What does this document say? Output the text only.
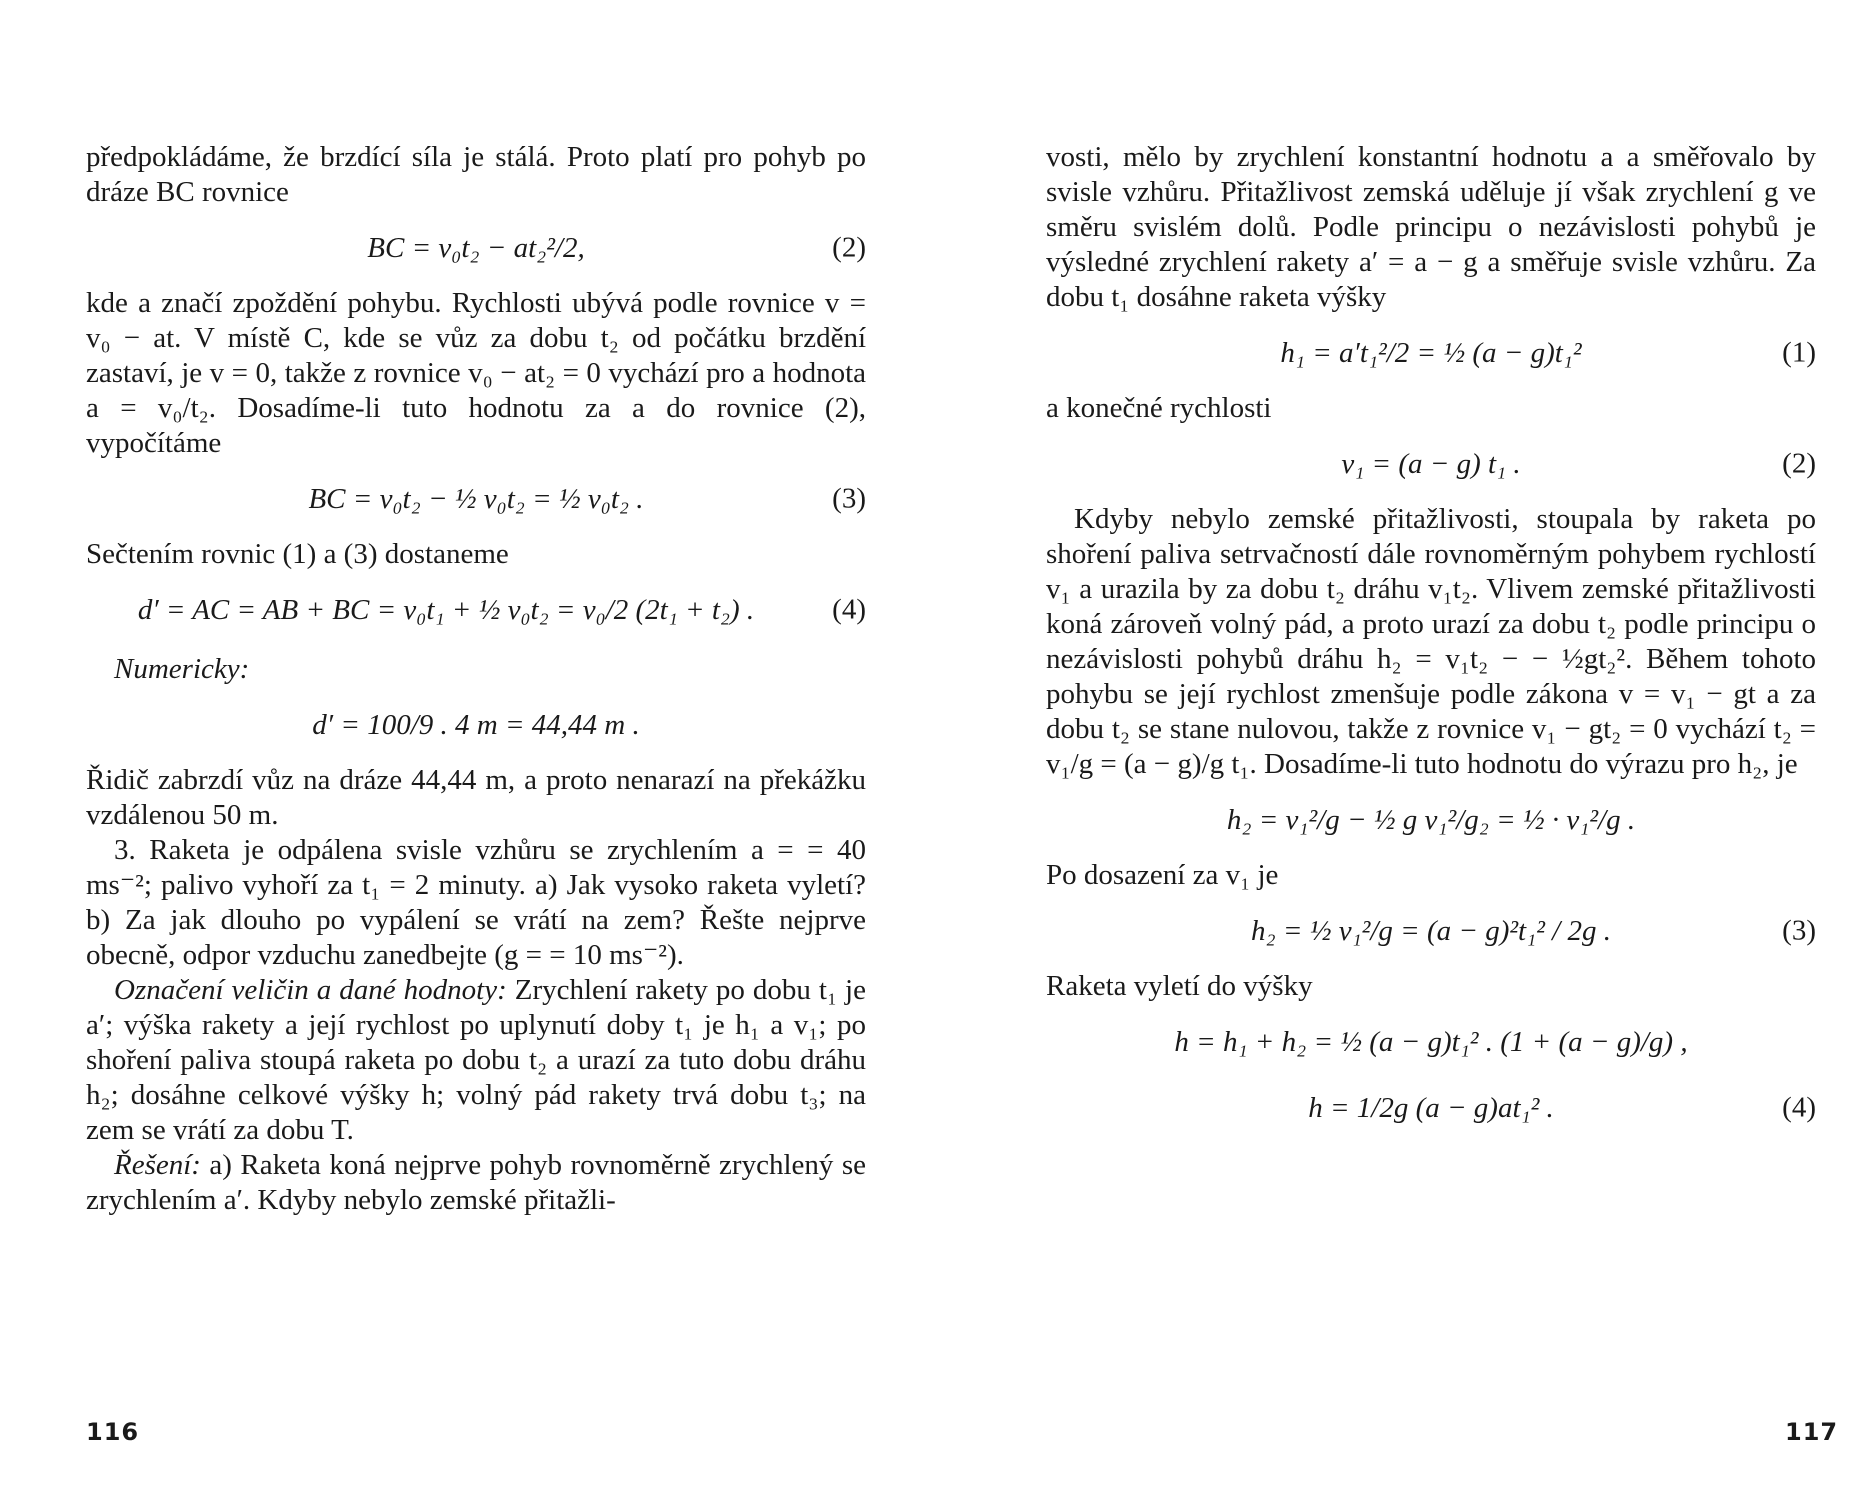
předpokládáme, že brzdící síla je stálá. Proto platí pro pohyb po dráze BC rovnice

BC = v₀t₂ − at₂²/2,	(2)

kde a značí zpoždění pohybu. Rychlosti ubývá podle rovnice v = v₀ − at. V místě C, kde se vůz za dobu t₂ od počátku brzdění zastaví, je v = 0, takže z rovnice v₀ − at₂ = 0 vychází pro a hodnota a = v₀/t₂. Dosadíme-li tuto hodnotu za a do rovnice (2), vypočítáme

BC = v₀t₂ − ½ v₀t₂ = ½ v₀t₂ .	(3)

Sečtením rovnic (1) a (3) dostaneme

d′ = AC = AB + BC = v₀t₁ + ½ v₀t₂ = v₀/2 (2t₁ + t₂) .	(4)
Numericky:
d′ = 100/9 . 4 m = 44,44 m .

Řidič zabrzdí vůz na dráze 44,44 m, a proto nenarazí na překážku vzdálenou 50 m.

3. Raketa je odpálena svisle vzhůru se zrychlením a = = 40 ms⁻²; palivo vyhoří za t₁ = 2 minuty. a) Jak vysoko raketa vyletí? b) Za jak dlouho po vypálení se vrátí na zem? Řešte nejprve obecně, odpor vzduchu zanedbejte (g = = 10 ms⁻²).

Označení veličin a dané hodnoty: Zrychlení rakety po dobu t₁ je a′; výška rakety a její rychlost po uplynutí doby t₁ je h₁ a v₁; po shoření paliva stoupá raketa po dobu t₂ a urazí za tuto dobu dráhu h₂; dosáhne celkové výšky h; volný pád rakety trvá dobu t₃; na zem se vrátí za dobu T.

Řešení: a) Raketa koná nejprve pohyb rovnoměrně zrychlený se zrychlením a′. Kdyby nebylo zemské přitažli-

vosti, mělo by zrychlení konstantní hodnotu a a směřovalo by svisle vzhůru. Přitažlivost zemská uděluje jí však zrychlení g ve směru svislém dolů. Podle principu o nezávislosti pohybů je výsledné zrychlení rakety a′ = a − g a směřuje svisle vzhůru. Za dobu t₁ dosáhne raketa výšky

h₁ = a′t₁²/2 = ½ (a − g)t₁²	(1)

a konečné rychlosti

v₁ = (a − g) t₁ .	(2)

Kdyby nebylo zemské přitažlivosti, stoupala by raketa po shoření paliva setrvačností dále rovnoměrným pohybem rychlostí v₁ a urazila by za dobu t₂ dráhu v₁t₂. Vlivem zemské přitažlivosti koná zároveň volný pád, a proto urazí za dobu t₂ podle principu o nezávislosti pohybů dráhu h₂ = v₁t₂ − − ½gt₂². Během tohoto pohybu se její rychlost zmenšuje podle zákona v = v₁ − gt a za dobu t₂ se stane nulovou, takže z rovnice v₁ − gt₂ = 0 vychází t₂ = v₁/g = (a − g)/g t₁. Dosadíme-li tuto hodnotu do výrazu pro h₂, je

h₂ = v₁²/g − ½ g v₁²/g₂ = ½ · v₁²/g .

Po dosazení za v₁ je

h₂ = ½ v₁²/g = (a − g)²t₁² / 2g .	(3)

Raketa vyletí do výšky

h = h₁ + h₂ = ½ (a − g)t₁² . (1 + (a − g)/g) ,
h = 1/2g (a − g)at₁² .	(4)
116	117
